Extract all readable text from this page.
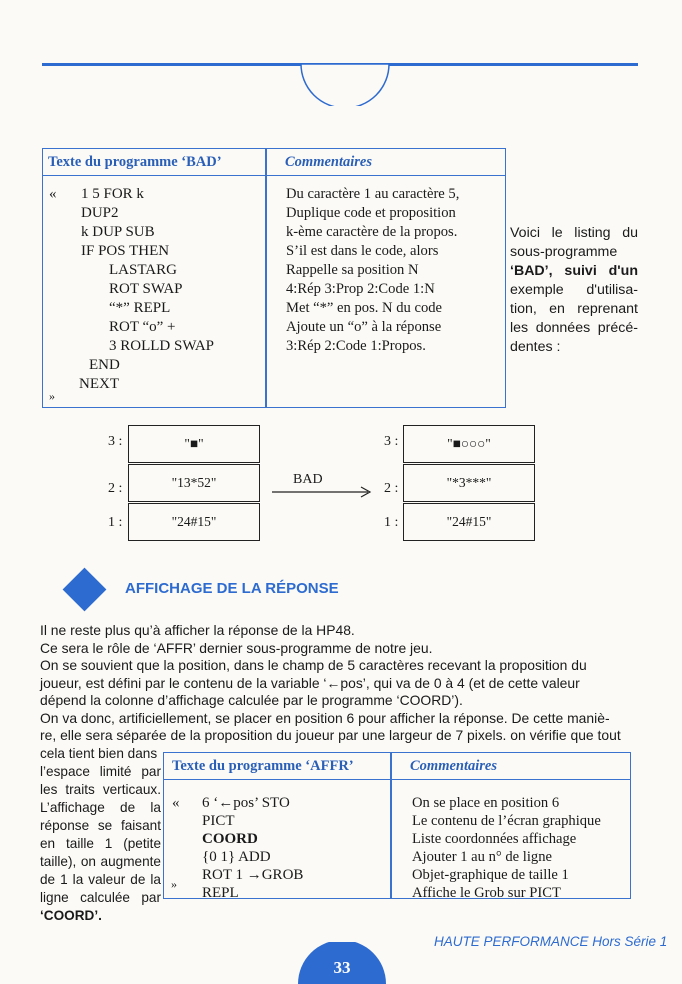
Texte du programme ‘BAD’	Commentaires
« 1 5 FOR k
DUP2
k DUP SUB
IF POS THEN
LASTARG
ROT SWAP
“*” REPL
ROT “o” +
3 ROLLD SWAP
END
NEXT
»
Du caractère 1 au caractère 5,
Duplique code et proposition
k-ème caractère de la propos.
S’il est dans le code, alors
Rappelle sa position N
4:Rép 3:Prop 2:Code 1:N
Met “*” en pos. N du code
Ajoute un “o” à la réponse
3:Rép 2:Code 1:Propos.
Voici le listing du
sous-programme
‘BAD’, suivi d'un
exemple d'utilisa-
tion, en reprenant
les données précé-
dentes :
"■"
"13*52"
"24#15"
3 :
2 :
1 :
BAD
"■○○○"
"*3***"
"24#15"
3 :
2 :
1 :
AFFICHAGE DE LA RÉPONSE
Il ne reste plus qu’à afficher la réponse de la HP48.
Ce sera le rôle de ‘AFFR’ dernier sous-programme de notre jeu.
On se souvient que la position, dans le champ de 5 caractères recevant la proposition du
joueur, est défini par le contenu de la variable ‘←pos’, qui va de 0 à 4 (et de cette valeur
dépend la colonne d’affichage calculée par le programme ‘COORD’).
On va donc, artificiellement, se placer en position 6 pour afficher la réponse. De cette maniè-
re, elle sera séparée de la proposition du joueur par une largeur de 7 pixels. on vérifie que tout
cela tient bien dans
l’espace limité par
les traits verticaux.
L’affichage de la
réponse se faisant
en taille 1 (petite
taille), on augmente
de 1 la valeur de la
ligne calculée par
‘COORD’.
Texte du programme ‘AFFR’	Commentaires
« 6 ‘←pos’ STO
PICT
COORD
{0 1} ADD
ROT 1 →GROB
REPL
On se place en position 6
Le contenu de l’écran graphique
Liste coordonnées affichage
Ajouter 1 au n° de ligne
Objet-graphique de taille 1
Affiche le Grob sur PICT
»
HAUTE PERFORMANCE Hors Série 1
33
